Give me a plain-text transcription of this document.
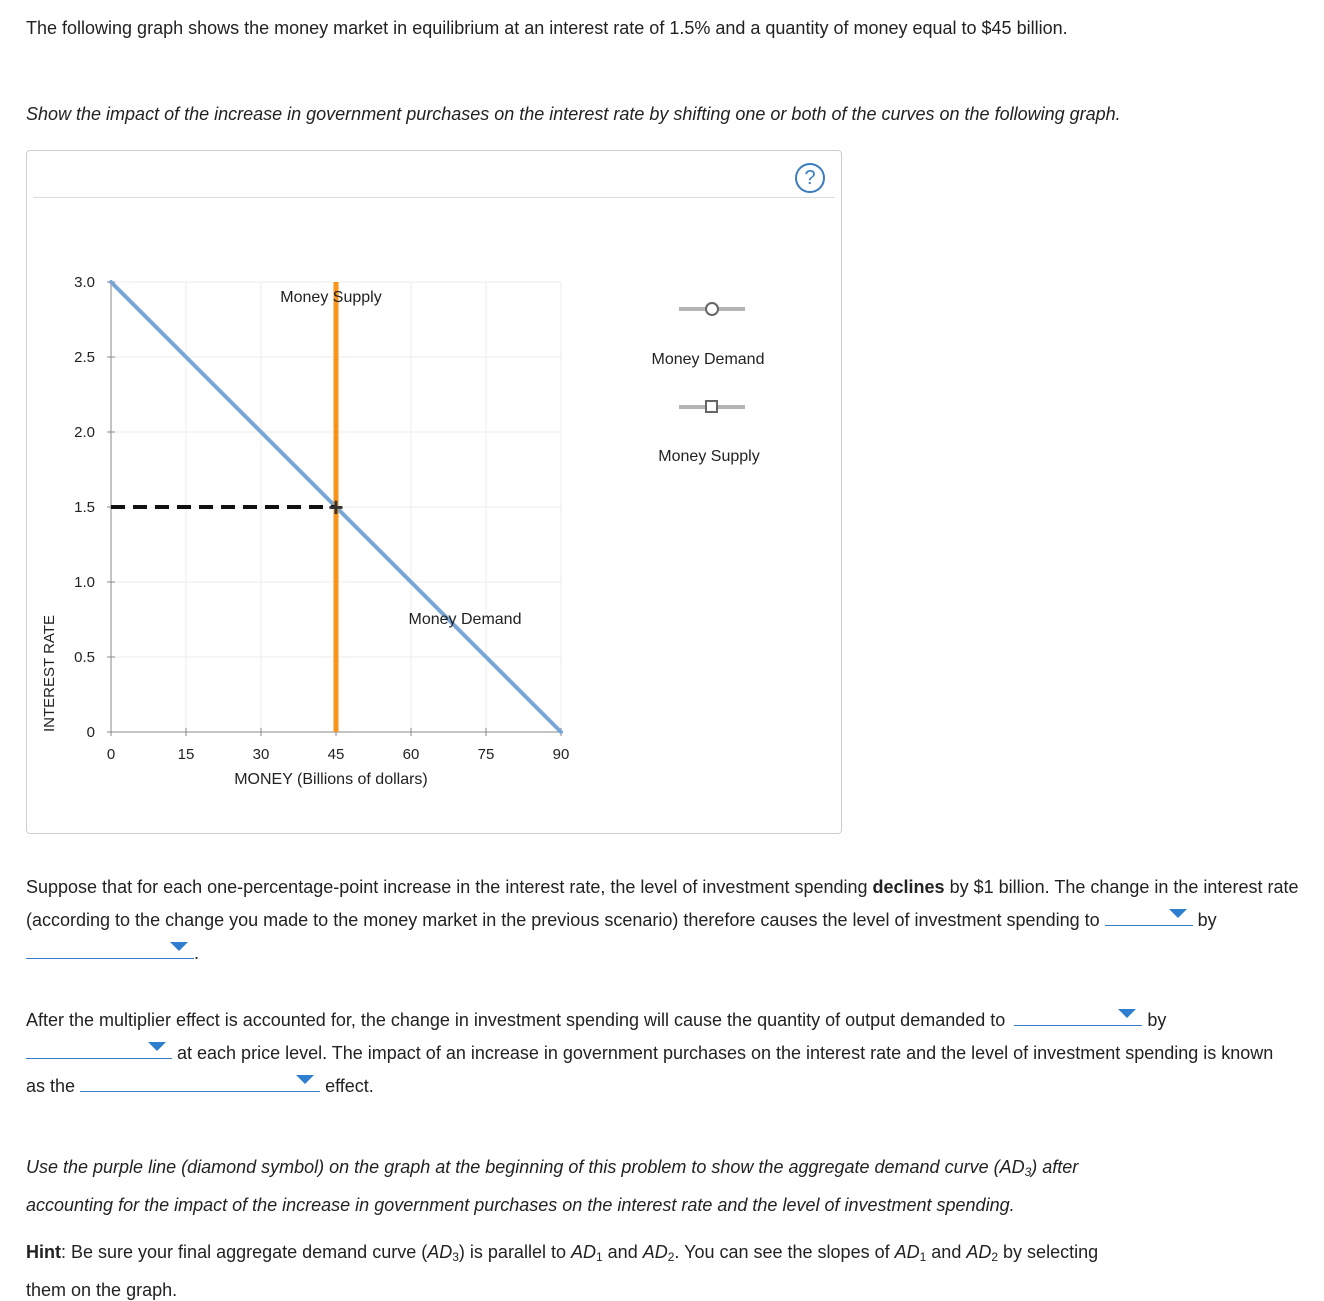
The following graph shows the money market in equilibrium at an interest rate of 1.5% and a quantity of money equal to $45 billion.
Show the impact of the increase in government purchases on the interest rate by shifting one or both of the curves on the following graph.
?
0	15	30	45	60	75	90
0
0.5
1.0
1.5
2.0
2.5
3.0
+
INTEREST RATE
MONEY (Billions of dollars)
Money Supply
Money Demand
Money Demand
Money Supply
Suppose that for each one-percentage-point increase in the interest rate, the level of investment spending declines by $1 billion. The change in the interest rate (according to the change you made to the money market in the previous scenario) therefore causes the level of investment spending to	by
.
After the multiplier effect is accounted for, the change in investment spending will cause the quantity of output demanded to	by
at each price level. The impact of an increase in government purchases on the interest rate and the level of investment spending is known as the	effect.
Use the purple line (diamond symbol) on the graph at the beginning of this problem to show the aggregate demand curve $(AD_3)$ after
accounting for the impact of the increase in government purchases on the interest rate and the level of investment spending.
Hint: Be sure your final aggregate demand curve $(AD_3)$ is parallel to $AD_1$ and $AD_2$. You can see the slopes of $AD_1$ and $AD_2$ by selecting
them on the graph.
